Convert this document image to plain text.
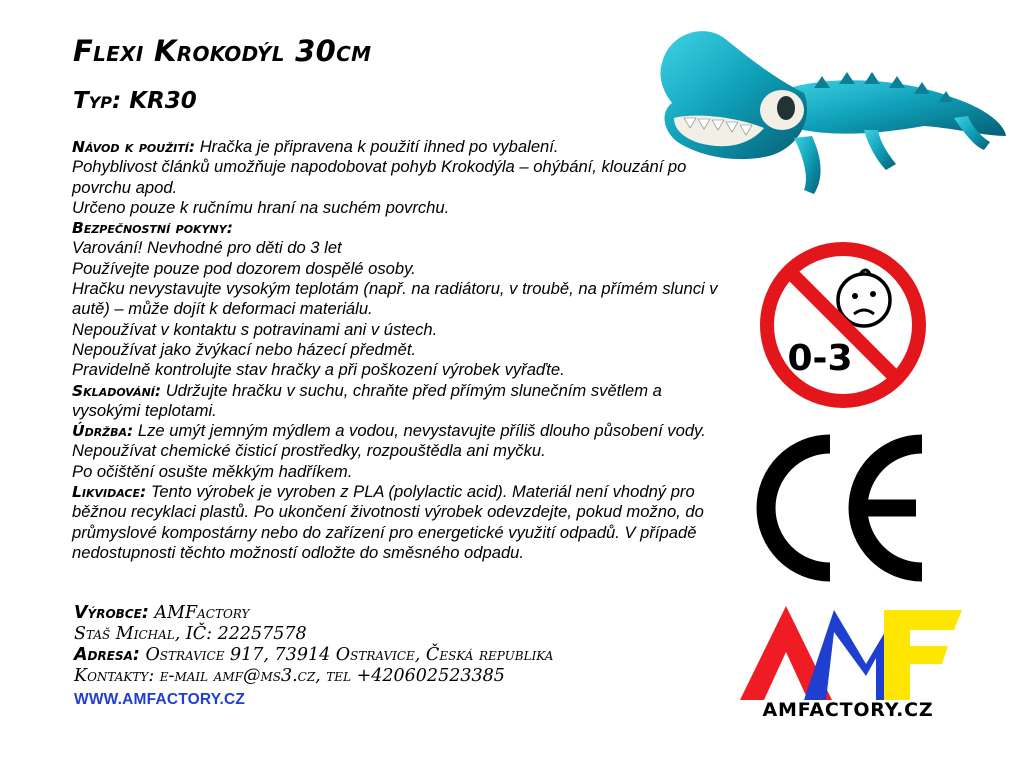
Flexi Krokodýl 30cm
Typ: KR30

Návod k použití: Hračka je připravena k použití ihned po vybalení.

Pohyblivost článků umožňuje napodobovat pohyb Krokodýla – ohýbání, klouzání po

povrchu apod.

Určeno pouze k ručnímu hraní na suchém povrchu.

Bezpečnostní pokyny:

Varování! Nevhodné pro děti do 3 let

Používejte pouze pod dozorem dospělé osoby.

Hračku nevystavujte vysokým teplotám (např. na radiátoru, v troubě, na přímém slunci v

autě) – může dojít k deformaci materiálu.

Nepoužívat v kontaktu s potravinami ani v ústech.

Nepoužívat jako žvýkací nebo házecí předmět.

Pravidelně kontrolujte stav hračky a při poškození výrobek vyřaďte.

Skladování: Udržujte hračku v suchu, chraňte před přímým slunečním světlem a

vysokými teplotami.

Údržba: Lze umýt jemným mýdlem a vodou, nevystavujte příliš dlouho působení vody.

Nepoužívat chemické čisticí prostředky, rozpouštědla ani myčku.

Po očištění osušte měkkým hadříkem.

Likvidace: Tento výrobek je vyroben z PLA (polylactic acid). Materiál není vhodný pro

běžnou recyklaci plastů. Po ukončení životnosti výrobek odevzdejte, pokud možno, do

průmyslové kompostárny nebo do zařízení pro energetické využití odpadů. V případě

nedostupnosti těchto možností odložte do směsného odpadu.

Výrobce: AMFactory
Staš Michal, IČ: 22257578
Adresa: Ostravice 917, 73914 Ostravice, Česká republika
Kontakty: e-mail amf@ms3.cz, tel +420602523385
WWW.AMFACTORY.CZ
0-3
AMFACTORY.CZ
